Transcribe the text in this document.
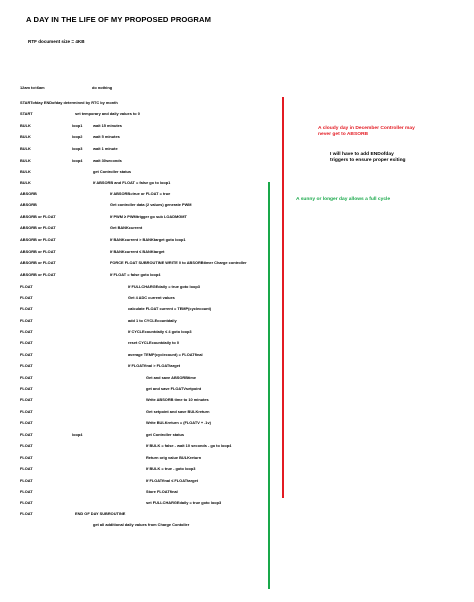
A DAY IN THE LIFE OF MY PROPOSED PROGRAM
RTF document size = 4KB
12am to≈6am	do nothing
STARTofday ENDofday determined by RTC by month
START	set temporary and daily values to 0
BULK	loop1	wait 15 minutes
BULK	loop2	wait 5 minutes
BULK	loop3	wait 1 minute
BULK	loop4	wait 30seconds
BULK	get Controller status
BULK	If ABSORB and FLOAT = false go to loop1
ABSORB	If ABSORB=true or FLOAT = true
ABSORB	Get controller data (2 values) generate PWM
ABSORB or FLOAT	If PWM ≥ PWMtrigger go sub LOADMGMT
ABSORB or FLOAT	Get BANKcurrent
ABSORB or FLOAT	If BANKcurrent > BANKtarget goto loop1
ABSORB or FLOAT	If BANKcurrent ≤ BANKtarget
ABSORB or FLOAT	FORCE FLOAT SUBROUTINE WRITE 0 to ABSORBtimer Charge controller
ABSORB or FLOAT	If FLOAT = false goto loop4
FLOAT	If FULLCHARGEdaily = true goto loop3
FLOAT	Get 4 ADC current values
FLOAT	calculate FLOAT current = TEMP(cyclecount)
FLOAT	add 1 to CYCLEcountdaily
FLOAT	If CYCLEcountdaily ≤ 4 goto loop3
FLOAT	reset CYCLEcountdaily to 0
FLOAT	average TEMP(cyclecount) = FLOATfinal
FLOAT	If FLOATfinal > FLOATtarget
FLOAT	Get and save ABSORBtime
FLOAT	get and save FLOATVsetpoint
FLOAT	Write ABSORB time to 10 minutes
FLOAT	Get setpoint and save BULKreturn
FLOAT	Write BULKreturn = (FLOATV + .1v)
FLOAT	loop4	get Controller status
FLOAT	If BULK = false - wait 10 seconds - go to loop4
FLOAT	Return orig value BULKreturn
FLOAT	If BULK = true - goto loop3
FLOAT	If FLOATfinal ≤ FLOATtarget
FLOAT	Store FLOATfinal
FLOAT	set FULLCHARGEdaily = true goto loop3
FLOAT	END OF DAY SUBROUTINE
get all additional daily values from Charge Contoller
A cloudy day in December Controller may never get to ABSORB
I will have to add ENDofday triggers to ensure proper exiting
A sunny or longer day allows a full cycle
